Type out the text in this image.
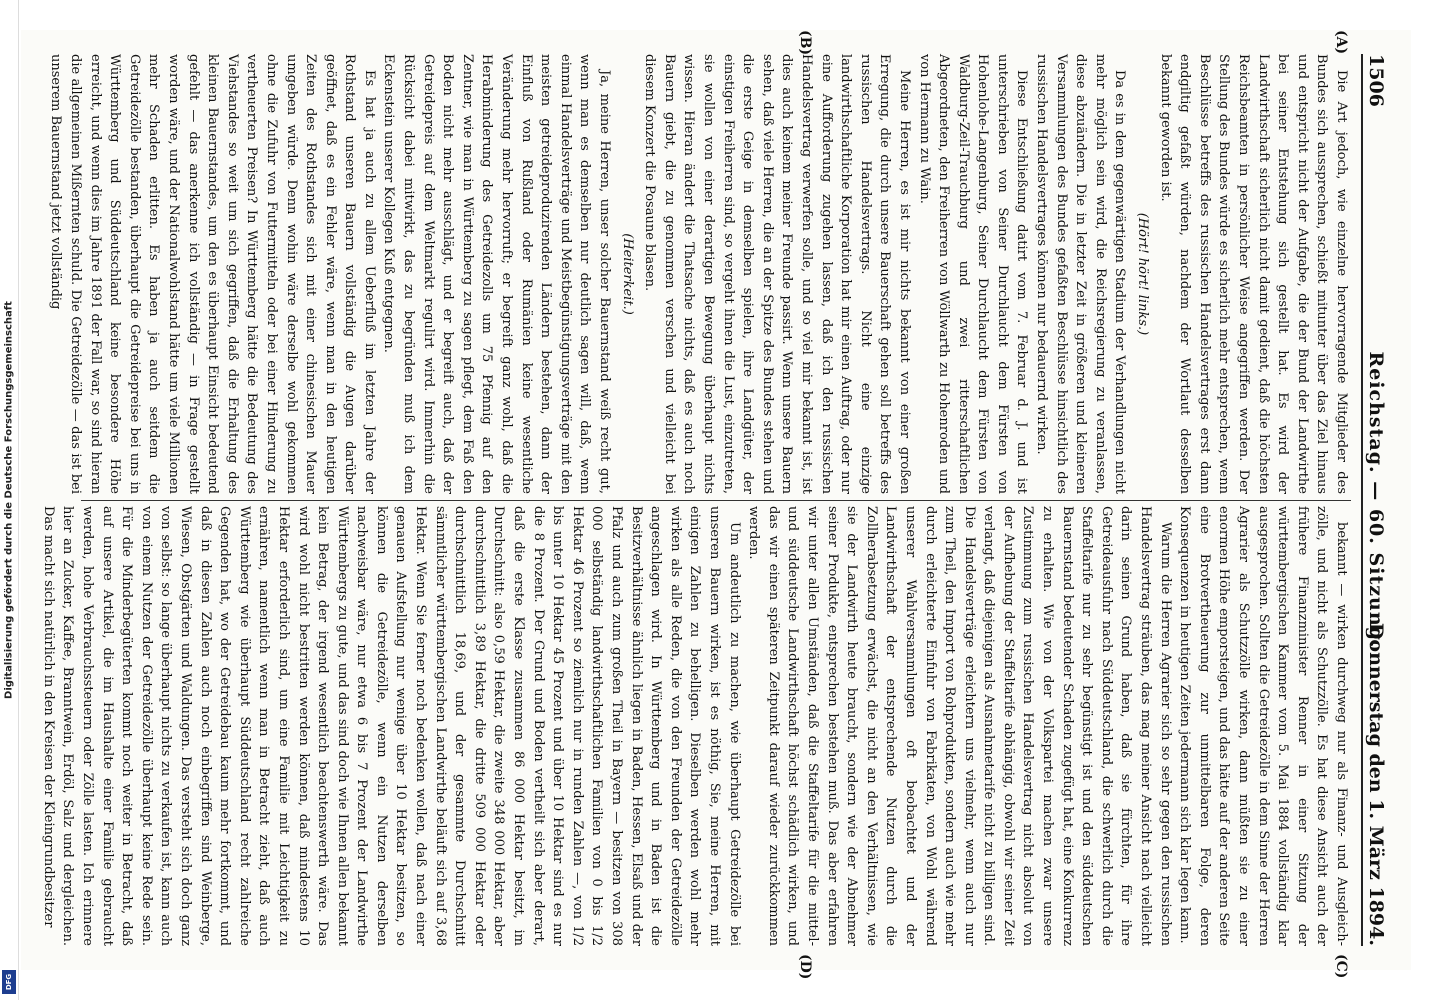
Digitalisierung gefördert durch die Deutsche Forschungsgemeinschaft
DFG
1506
Reichstag. — 60. Sitzung.
Donnerstag den 1. März 1894.
(A)
(B)
(C)
(D)

Die Art jedoch, wie einzelne hervorragende Mitglieder des Bundes sich aussprechen, schießt mitunter über das Ziel hinaus und entspricht nicht der Aufgabe, die der Bund der Landwirthe bei seiner Entstehung sich gestellt hat. Es wird der Landwirthschaft sicherlich nicht damit gedient, daß die höchsten Reichsbeamten in persönlicher Weise angegriffen werden. Der Stellung des Bundes würde es sicherlich mehr entsprechen, wenn Beschlüsse betreffs des russischen Handelsvertrages erst dann endgiltig gefaßt würden, nachdem der Wortlaut desselben bekannt geworden ist.

(Hört! hört! links.)

Da es in dem gegenwärtigen Stadium der Verhandlungen nicht mehr möglich sein wird, die Reichsregierung zu veranlassen, diese abzuändern. Die in letzter Zeit in größeren und kleineren Versammlungen des Bundes gefaßten Beschlüsse hinsichtlich des russischen Handelsvertrages können nur bedauernd wirken.

Diese Entschließung datirt vom 7. Februar d. J. und ist unterschrieben von Seiner Durchlaucht dem Fürsten von Hohenlohe-Langenburg, Seiner Durchlaucht dem Fürsten von Waldburg-Zeil-Trauchburg und zwei ritterschaftlichen Abgeordneten, den Freiherren von Wöllwarth zu Hohenroden und von Hermann zu Wain.

Meine Herren, es ist mir nichts bekannt von einer großen Erregung, die durch unsere Bauerschaft gehen soll betreffs des russischen Handelsvertrags. Nicht eine einzige landwirthschaftliche Korporation hat mir einen Auftrag, oder nur eine Aufforderung zugehen lassen, daß ich den russischen Handelsvertrag verwerfen solle, und so viel mir bekannt ist, ist dies auch keinem meiner Freunde passirt. Wenn unsere Bauern sehen, daß viele Herren, die an der Spitze des Bundes stehen und die erste Geige in demselben spielen, ihre Landgüter, der einstigen Freiherren sind, so vergeht ihnen die Lust, einzutreten, sie wollen von einer derartigen Bewegung überhaupt nichts wissen. Hieran ändert die Thatsache nichts, daß es auch noch Bauern giebt, die zu genommen verschen und vielleicht bei diesem Konzert die Posaune blasen.

(Heiterkeit.)

Ja, meine Herren, unser solcher Bauernstand weiß recht gut, wenn man es demselben nur deutlich sagen will, daß, wenn einmal Handelsverträge und Meistbegünstigungsverträge mit den meisten getreideproduzirenden Ländern bestehen, dann der Einfluß von Rußland oder Rumänien keine wesentliche Veränderung mehr hervorruft; er begreift ganz wohl, daß die Herabminderung des Getreidezolls um 75 Pfennig auf den Zentner, wie man in Württemberg zu sagen pflegt, dem Faß den Boden nicht mehr ausschlägt, und er begreift auch, daß der Getreidepreis auf dem Weltmarkt regulirt wird. Immerhin die Rücksicht dabei mitwirkt, das zu begründen muß ich dem Eckenstein unserer Kollegen Kuß entgegnen.

Es hat ja auch zu allem Ueberfluß im letzten Jahre der Rothstand unseren Bauern vollständig die Augen darüber geöffnet, daß es ein Fehler wäre, wenn man in den heutigen Zeiten des Rothstandes sich mit einer chinesischen Mauer umgeben würde. Denn wohin wäre derselbe wohl gekommen ohne die Zufuhr von Futtermitteln oder bei einer Hinderung zu vertheuerten Preisen? In Württemberg hätte die Bedeutung des Viehstandes so weit um sich gegriffen, daß die Erhaltung des kleinen Bauernstandes, um den es überhaupt Einsicht bedeutend gefehlt — das anerkenne ich vollständig — in Frage gestellt worden wäre, und der Nationalwohlstand hätte um viele Millionen mehr Schaden erlitten. Es haben ja auch seitdem die Getreidezölle bestanden, überhaupt die Getreidepreise bei uns in Württemberg und Süddeutschland keine besondere Höhe erreicht, und wenn dies im Jahre 1891 der Fall war, so sind hieran die allgemeinen Mißernten schuld. Die Getreidezölle — das ist bei unserem Bauernstand jetzt vollständig

bekannt — wirken durchweg nur als Finanz- und Ausgleich-zölle, und nicht als Schutzzölle. Es hat diese Ansicht auch der frühere Finanzminister Renner in einer Sitzung der württembergischen Kammer vom 5. Mai 1884 vollständig klar ausgesprochen. Sollten die Getreidezölle in dem Sinne der Herren Agrarier als Schutzzölle wirken, dann müßten sie zu einer enormen Höhe emporsteigen, und das hätte auf der anderen Seite eine Brotvertheuerung zur unmittelbaren Folge, deren Konsequenzen in heutigen Zeiten jedermann sich klar legen kann.

Warum die Herren Agrarier sich so sehr gegen den russischen Handelsvertrag sträuben, das mag meiner Ansicht nach vielleicht darin seinen Grund haben, daß sie fürchten, für ihre Getreideausfuhr nach Süddeutschland, die schwerlich durch die Staffeltarife nur zu sehr begünstigt ist und den süddeutschen Bauernstand bedeutender Schaden zugefügt hat, eine Konkurrenz zu erhalten. Wie von der Volkspartei machen zwar unsere Zustimmung zum russischen Handelsvertrag nicht absolut von der Aufhebung der Staffeltarife abhängig, obwohl wir seiner Zeit verlangt, daß diejenigen als Ausnahmetarife nicht zu billigen sind. Die Handelsverträge erleichtern uns vielmehr, wenn auch nur zum Theil, den Import von Rohprodukten, sondern auch wie mehr durch erleichterte Einfuhr von Fabrikaten, von Wohl während unserer Wahlversammlungen oft beobachtet und der Landwirthschaft der entsprechende Nutzen durch die Zollherabsetzung erwächst, die nicht an den Verhältnissen, wie sie der Landwirth heute braucht, sondern wie der Abnehmer seiner Produkte, entsprechen bestehen muß. Das aber erfahren wir unter allen Umständen, daß die Staffeltarife für die mittel- und süddeutsche Landwirthschaft höchst schädlich wirken, und das wir einen späteren Zeitpunkt darauf wieder zurückkommen werden.

Um andeutlich zu machen, wie überhaupt Getreidezölle bei unseren Bauern wirken, ist es nöthig, Sie, meine Herren, mit einigen Zahlen zu behelligen. Dieselben werden wohl mehr wirken als alle Reden, die von den Freunden der Getreidezölle angeschlagen wird. In Württemberg und in Baden ist die Besitzverhältnisse ähnlich liegen in Baden, Hessen, Elsaß und der Pfalz und auch zum großen Theil in Bayern — besitzen von 308 000 selbständig landwirthschaftlichen Familien von 0 bis 1/2 Hektar 46 Prozent so ziemlich nur in runden Zahlen —, von 1/2 bis unter 10 Hektar 45 Prozent und über 10 Hektar sind es nur die 8 Prozent. Der Grund und Boden vertheilt sich aber derart, daß die erste Klasse zusammen 86 000 Hektar besitzt, im Durchschnitt: also 0,59 Hektar, die zweite 348 000 Hektar, aber durchschnittlich 3,89 Hektar, die dritte 509 000 Hektar oder durchschnittlich 18,69, und der gesammte Durchschnitt sämmtlicher württembergischen Landwirthe beläuft sich auf 3,68 Hektar. Wenn Sie ferner noch bedenken wollen, daß nach einer genauen Aufstellung nur wenige über 10 Hektar besitzen, so können die Getreidezölle, wenn ein Nutzen derselben nachweisbar wäre, nur etwa 6 bis 7 Prozent der Landwirthe Württembergs zu gute, und das sind doch wie Ihnen allen bekannt kein Betrag, der irgend wesentlich beachtenswerth wäre. Das wird wohl nicht bestritten werden können, daß mindestens 10 Hektar erforderlich sind, um eine Familie mit Leichtigkeit zu ernähren, namentlich wenn man in Betracht zieht, daß auch Württemberg wie überhaupt Süddeutschland recht zahlreiche Gegenden hat, wo der Getreidebau kaum mehr fortkommt, und daß in diesen Zahlen auch noch einbegriffen sind Weinberge, Wiesen, Obstgärten und Waldungen. Das versteht sich doch ganz von selbst: so lange überhaupt nichts zu verkaufen ist, kann auch von einem Nutzen der Getreidezölle überhaupt keine Rede sein. Für die Minderbegüterten kommt noch weiter in Betracht, daß auf unsere Artikel, die im Haushalte einer Familie gebraucht werden, hohe Verbrauchssteuern oder Zölle lasten. Ich erinnere hier an Zucker, Kaffee, Branntwein, Erdöl, Salz und dergleichen. Das macht sich natürlich in den Kreisen der Kleingrundbesitzer
